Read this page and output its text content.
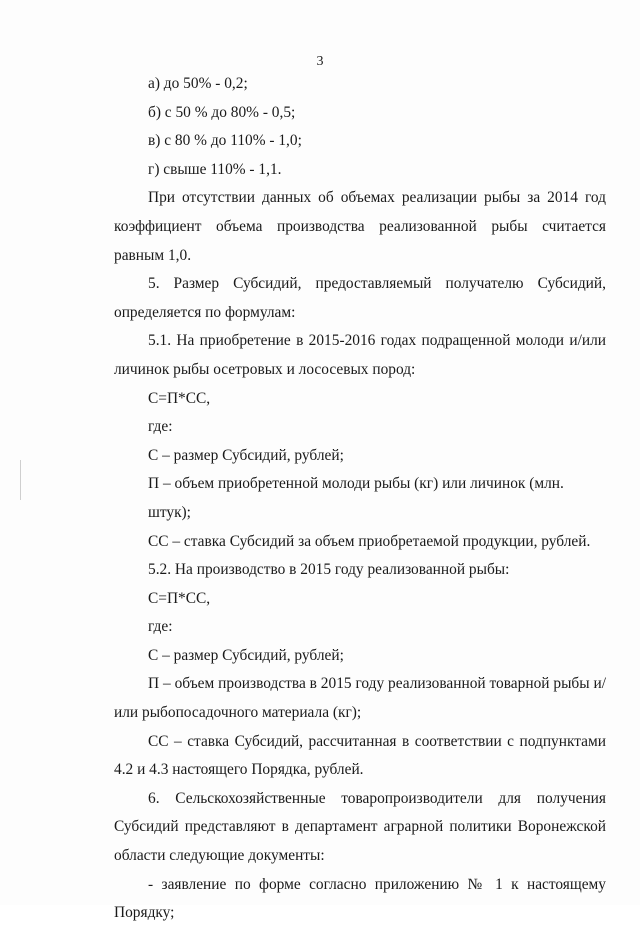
3

а) до 50% - 0,2;

б) с 50 % до 80% - 0,5;

в) с 80 % до 110% - 1,0;

г) свыше 110% - 1,1.

При отсутствии данных об объемах реализации рыбы за 2014 год коэффициент объема производства реализованной рыбы считается равным 1,0.

5. Размер Субсидий, предоставляемый получателю Субсидий, определяется по формулам:

5.1. На приобретение в 2015-2016 годах подращенной молоди и/или личинок рыбы осетровых и лососевых пород:

С=П*СС,

где:

С – размер Субсидий, рублей;

П – объем приобретенной молоди рыбы (кг) или личинок (млн. штук);

СС – ставка Субсидий за объем приобретаемой продукции, рублей.

5.2. На производство в 2015 году реализованной рыбы:

С=П*СС,

где:

С – размер Субсидий, рублей;

П – объем производства в 2015 году реализованной товарной рыбы и/или рыбопосадочного материала (кг);

СС – ставка Субсидий, рассчитанная в соответствии с подпунктами 4.2 и 4.3 настоящего Порядка, рублей.

6. Сельскохозяйственные товаропроизводители для получения Субсидий представляют в департамент аграрной политики Воронежской области следующие документы:

- заявление по форме согласно приложению № 1 к настоящему Порядку;
